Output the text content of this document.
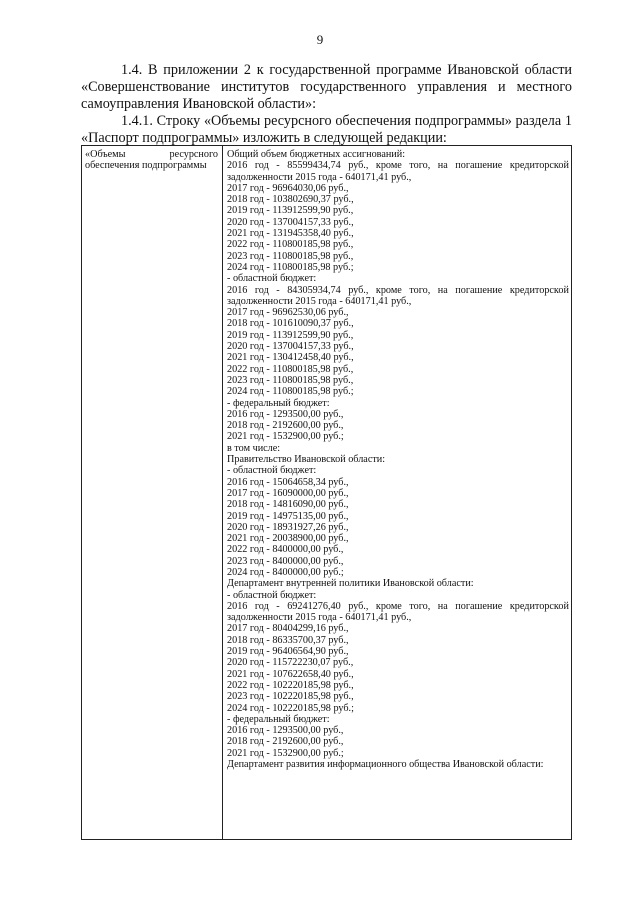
9
1.4. В приложении 2 к государственной программе Ивановской области «Совершенствование институтов государственного управления и местного самоуправления Ивановской области»:
1.4.1. Строку «Объемы ресурсного обеспечения подпрограммы» раздела 1 «Паспорт подпрограммы» изложить в следующей редакции:
«Объемы	ресурсного
обеспечения подпрограммы
Общий объем бюджетных ассигнований:
2016 год - 85599434,74 руб., кроме того, на погашение кредиторской
задолженности 2015 года - 640171,41 руб.,
2017 год - 96964030,06 руб.,
2018 год - 103802690,37 руб.,
2019 год - 113912599,90 руб.,
2020 год - 137004157,33 руб.,
2021 год - 131945358,40 руб.,
2022 год - 110800185,98 руб.,
2023 год - 110800185,98 руб.,
2024 год - 110800185,98 руб.;
- областной бюджет:
2016 год - 84305934,74 руб., кроме того, на погашение кредиторской
задолженности 2015 года - 640171,41 руб.,
2017 год - 96962530,06 руб.,
2018 год - 101610090,37 руб.,
2019 год - 113912599,90 руб.,
2020 год - 137004157,33 руб.,
2021 год - 130412458,40 руб.,
2022 год - 110800185,98 руб.,
2023 год - 110800185,98 руб.,
2024 год - 110800185,98 руб.;
- федеральный бюджет:
2016 год - 1293500,00 руб.,
2018 год - 2192600,00 руб.,
2021 год - 1532900,00 руб.;
в том числе:
Правительство Ивановской области:
- областной бюджет:
2016 год - 15064658,34 руб.,
2017 год - 16090000,00 руб.,
2018 год - 14816090,00 руб.,
2019 год - 14975135,00 руб.,
2020 год - 18931927,26 руб.,
2021 год - 20038900,00 руб.,
2022 год - 8400000,00 руб.,
2023 год - 8400000,00 руб.,
2024 год - 8400000,00 руб.;
Департамент внутренней политики Ивановской области:
- областной бюджет:
2016 год - 69241276,40 руб., кроме того, на погашение кредиторской
задолженности 2015 года - 640171,41 руб.,
2017 год - 80404299,16 руб.,
2018 год - 86335700,37 руб.,
2019 год - 96406564,90 руб.,
2020 год - 115722230,07 руб.,
2021 год - 107622658,40 руб.,
2022 год - 102220185,98 руб.,
2023 год - 102220185,98 руб.,
2024 год - 102220185,98 руб.;
- федеральный бюджет:
2016 год - 1293500,00 руб.,
2018 год - 2192600,00 руб.,
2021 год - 1532900,00 руб.;
Департамент развития информационного общества Ивановской области:
